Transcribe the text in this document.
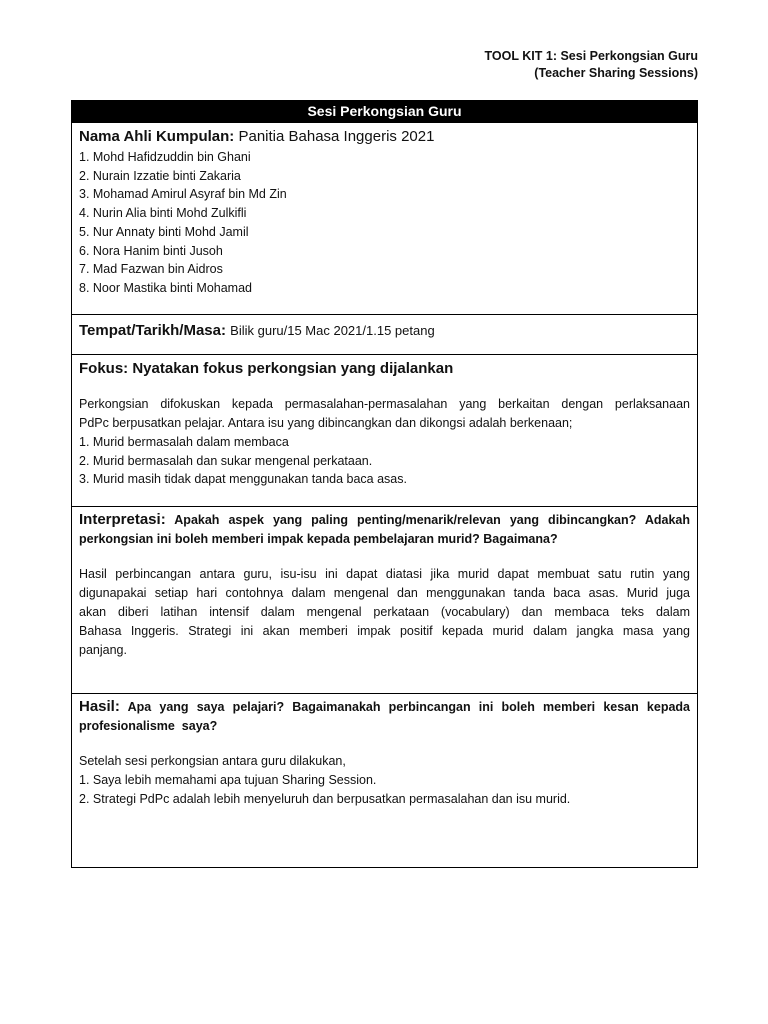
TOOL KIT 1: Sesi Perkongsian Guru
(Teacher Sharing Sessions)
Sesi Perkongsian Guru
Nama Ahli Kumpulan: Panitia Bahasa Inggeris 2021
1. Mohd Hafidzuddin bin Ghani
2. Nurain Izzatie binti Zakaria
3. Mohamad Amirul Asyraf bin Md Zin
4. Nurin Alia binti Mohd Zulkifli
5. Nur Annaty binti Mohd Jamil
6. Nora Hanim binti Jusoh
7. Mad Fazwan bin Aidros
8. Noor Mastika binti Mohamad
Tempat/Tarikh/Masa: Bilik guru/15 Mac 2021/1.15 petang
Fokus: Nyatakan fokus perkongsian yang dijalankan
Perkongsian difokuskan kepada permasalahan-permasalahan yang berkaitan dengan perlaksanaan
PdPc berpusatkan pelajar. Antara isu yang dibincangkan dan dikongsi adalah berkenaan;
1. Murid bermasalah dalam membaca
2. Murid bermasalah dan sukar mengenal perkataan.
3. Murid masih tidak dapat menggunakan tanda baca asas.
Interpretasi: Apakah aspek yang paling penting/menarik/relevan yang dibincangkan? Adakah
perkongsian ini boleh memberi impak kepada pembelajaran murid? Bagaimana?
Hasil perbincangan antara guru, isu-isu ini dapat diatasi jika murid dapat membuat satu rutin yang
digunapakai setiap hari contohnya dalam mengenal dan menggunakan tanda baca asas. Murid juga
akan diberi latihan intensif dalam mengenal perkataan (vocabulary) dan membaca teks dalam
Bahasa Inggeris. Strategi ini akan memberi impak positif kepada murid dalam jangka masa yang
panjang.
Hasil: Apa yang saya pelajari? Bagaimanakah perbincangan ini boleh memberi kesan kepada
profesionalisme  saya?
Setelah sesi perkongsian antara guru dilakukan,
1. Saya lebih memahami apa tujuan Sharing Session.
2. Strategi PdPc adalah lebih menyeluruh dan berpusatkan permasalahan dan isu murid.
